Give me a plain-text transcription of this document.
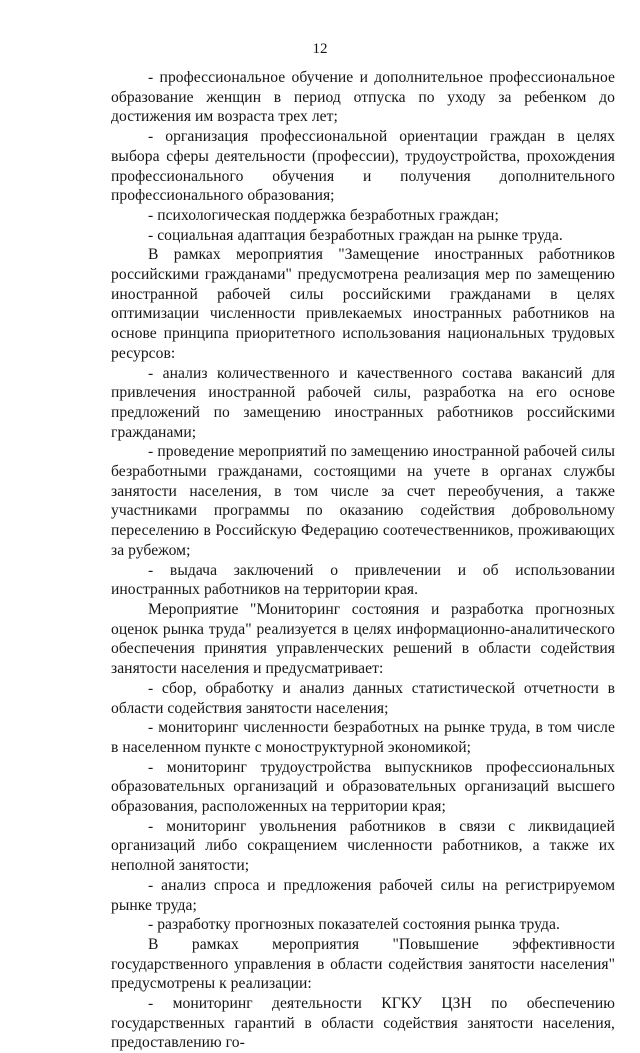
12

- профессиональное обучение и дополнительное профессиональное образование женщин в период отпуска по уходу за ребенком до достижения им возраста трех лет;

- организация профессиональной ориентации граждан в целях выбора сферы деятельности (профессии), трудоустройства, прохождения профессионального обучения и получения дополнительного профессионального образования;

- психологическая поддержка безработных граждан;

- социальная адаптация безработных граждан на рынке труда.

В рамках мероприятия "Замещение иностранных работников российскими гражданами" предусмотрена реализация мер по замещению иностранной рабочей силы российскими гражданами в целях оптимизации численности привлекаемых иностранных работников на основе принципа приоритетного использования национальных трудовых ресурсов:

- анализ количественного и качественного состава вакансий для привлечения иностранной рабочей силы, разработка на его основе предложений по замещению иностранных работников российскими гражданами;

- проведение мероприятий по замещению иностранной рабочей силы безработными гражданами, состоящими на учете в органах службы занятости населения, в том числе за счет переобучения, а также участниками программы по оказанию содействия добровольному переселению в Российскую Федерацию соотечественников, проживающих за рубежом;

- выдача заключений о привлечении и об использовании иностранных работников на территории края.

Мероприятие "Мониторинг состояния и разработка прогнозных оценок рынка труда" реализуется в целях информационно-аналитического обеспечения принятия управленческих решений в области содействия занятости населения и предусматривает:

- сбор, обработку и анализ данных статистической отчетности в области содействия занятости населения;

- мониторинг численности безработных на рынке труда, в том числе в населенном пункте с моноструктурной экономикой;

- мониторинг трудоустройства выпускников профессиональных образовательных организаций и образовательных организаций высшего образования, расположенных на территории края;

- мониторинг увольнения работников в связи с ликвидацией организаций либо сокращением численности работников, а также их неполной занятости;

- анализ спроса и предложения рабочей силы на регистрируемом рынке труда;

- разработку прогнозных показателей состояния рынка труда.

В рамках мероприятия "Повышение эффективности государственного управления в области содействия занятости населения" предусмотрены к реализации:

- мониторинг деятельности КГКУ ЦЗН по обеспечению государственных гарантий в области содействия занятости населения, предоставлению го-
